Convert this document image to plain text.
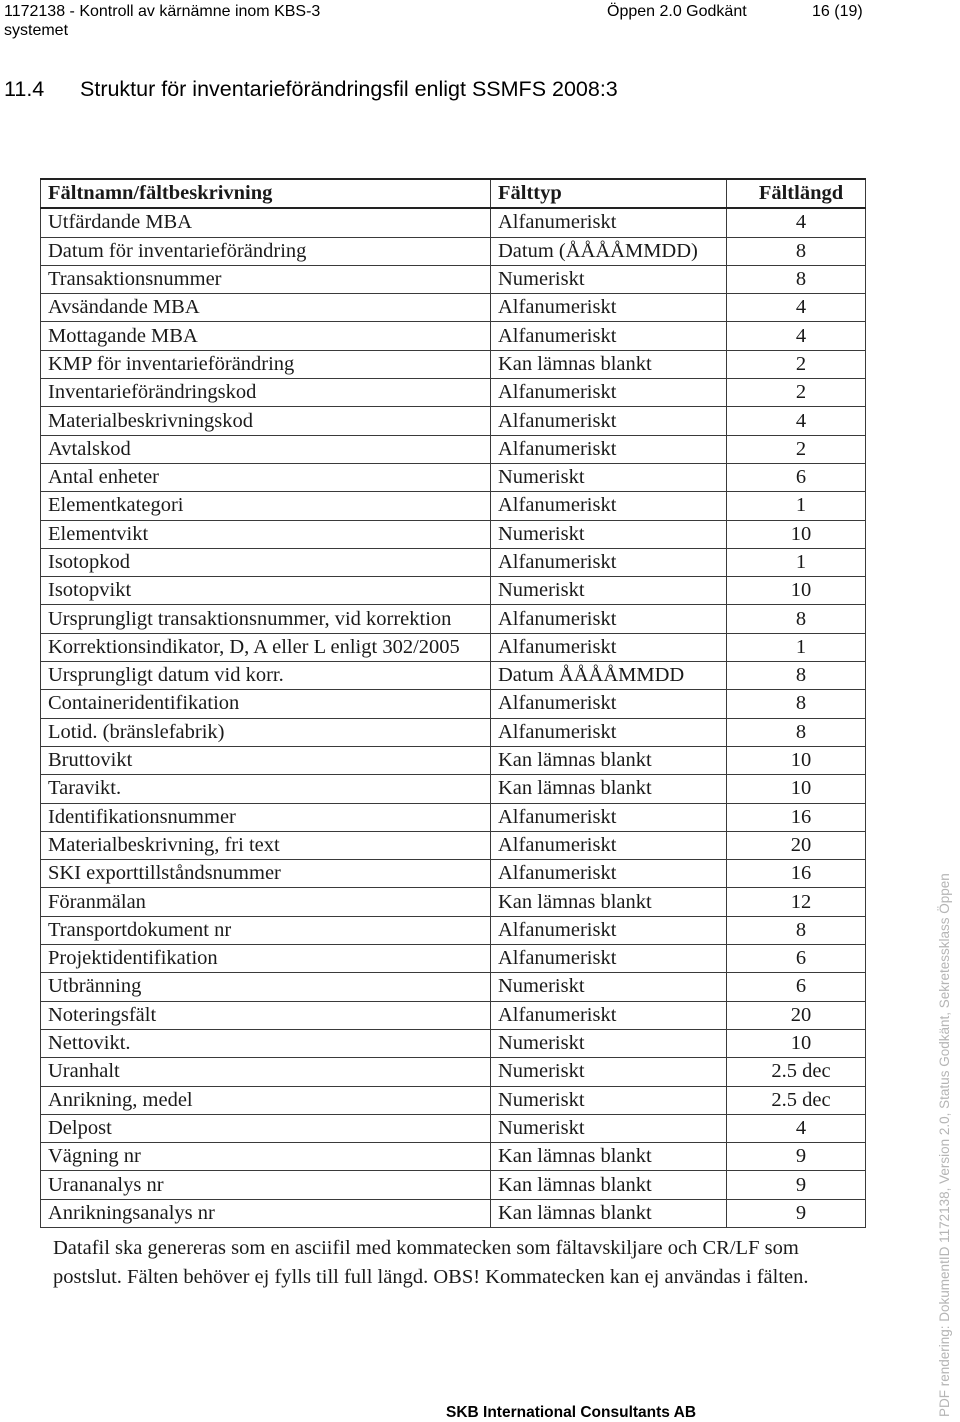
1172138 - Kontroll av kärnämne inom KBS-3
systemet
Öppen 2.0 Godkänt	16 (19)
11.4 Struktur för inventarieförändringsfil enligt SSMFS 2008:3
Fältnamn/fältbeskrivning	Fälttyp	Fältlängd
Utfärdande MBA	Alfanumeriskt	4
Datum för inventarieförändring	Datum (ÅÅÅÅMMDD)	8
Transaktionsnummer	Numeriskt	8
Avsändande MBA	Alfanumeriskt	4
Mottagande MBA	Alfanumeriskt	4
KMP för inventarieförändring	Kan lämnas blankt	2
Inventarieförändringskod	Alfanumeriskt	2
Materialbeskrivningskod	Alfanumeriskt	4
Avtalskod	Alfanumeriskt	2
Antal enheter	Numeriskt	6
Elementkategori	Alfanumeriskt	1
Elementvikt	Numeriskt	10
Isotopkod	Alfanumeriskt	1
Isotopvikt	Numeriskt	10
Ursprungligt transaktionsnummer, vid korrektion	Alfanumeriskt	8
Korrektionsindikator, D, A eller L enligt 302/2005	Alfanumeriskt	1
Ursprungligt datum vid korr.	Datum ÅÅÅÅMMDD	8
Containeridentifikation	Alfanumeriskt	8
Lotid. (bränslefabrik)	Alfanumeriskt	8
Bruttovikt	Kan lämnas blankt	10
Taravikt.	Kan lämnas blankt	10
Identifikationsnummer	Alfanumeriskt	16
Materialbeskrivning, fri text	Alfanumeriskt	20
SKI exporttillståndsnummer	Alfanumeriskt	16
Föranmälan	Kan lämnas blankt	12
Transportdokument nr	Alfanumeriskt	8
Projektidentifikation	Alfanumeriskt	6
Utbränning	Numeriskt	6
Noteringsfält	Alfanumeriskt	20
Nettovikt.	Numeriskt	10
Uranhalt	Numeriskt	2.5 dec
Anrikning, medel	Numeriskt	2.5 dec
Delpost	Numeriskt	4
Vägning nr	Kan lämnas blankt	9
Urananalys nr	Kan lämnas blankt	9
Anrikningsanalys nr	Kan lämnas blankt	9
Datafil ska genereras som en asciifil med kommatecken som fältavskiljare och CR/LF som postslut. Fälten behöver ej fylls till full längd. OBS! Kommatecken kan ej användas i fälten.
SKB International Consultants AB	PDF rendering: DokumentID 1172138, Version 2.0, Status Godkänt, Sekretessklass Öppen
